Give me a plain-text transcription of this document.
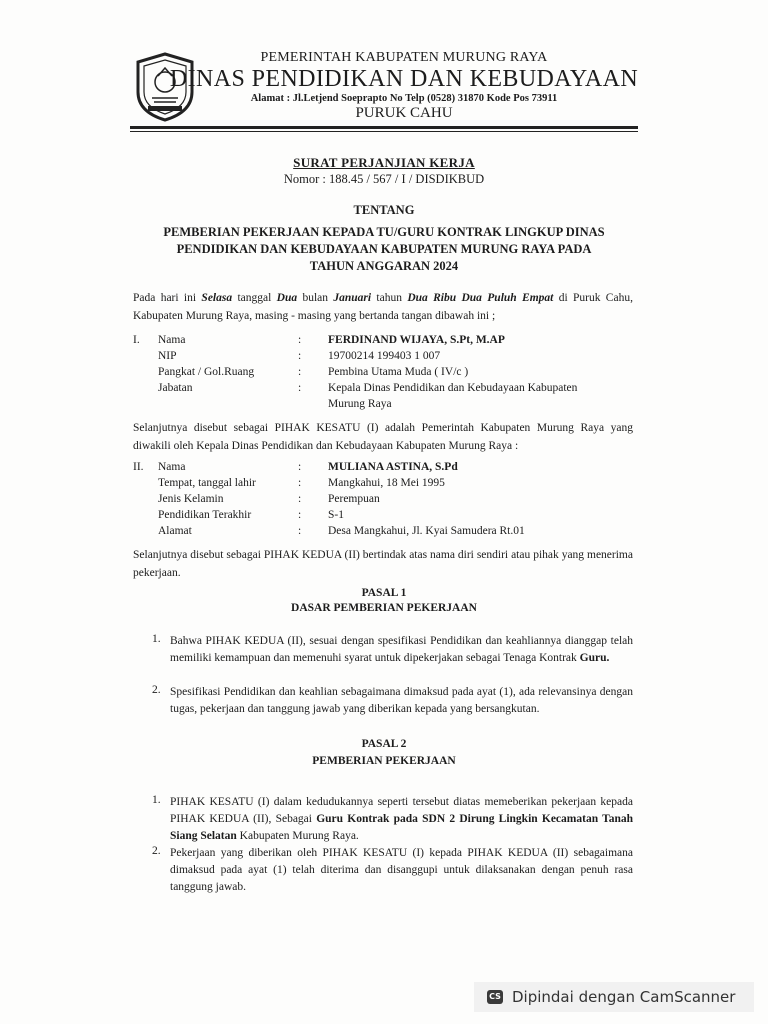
PEMERINTAH KABUPATEN MURUNG RAYA
DINAS PENDIDIKAN DAN KEBUDAYAAN
Alamat : Jl.Letjend Soeprapto No Telp (0528) 31870 Kode Pos 73911
PURUK CAHU
SURAT PERJANJIAN KERJA
Nomor : 188.45 / 567 / I / DISDIKBUD
TENTANG
PEMBERIAN PEKERJAAN KEPADA TU/GURU KONTRAK LINGKUP DINAS
PENDIDIKAN DAN KEBUDAYAAN KABUPATEN MURUNG RAYA PADA
TAHUN ANGGARAN 2024
Pada hari ini Selasa tanggal Dua bulan Januari tahun Dua Ribu Dua Puluh Empat di Puruk Cahu, Kabupaten Murung Raya, masing - masing yang bertanda tangan dibawah ini ;
I. Nama	: FERDINAND WIJAYA, S.Pt, M.AP
NIP	: 19700214 199403 1 007
Pangkat / Gol.Ruang	: Pembina Utama Muda ( IV/c )
Jabatan	: Kepala Dinas Pendidikan dan Kebudayaan Kabupaten
Murung Raya
Selanjutnya disebut sebagai PIHAK KESATU (I) adalah Pemerintah Kabupaten Murung Raya yang diwakili oleh Kepala Dinas Pendidikan dan Kebudayaan Kabupaten Murung Raya :
II. Nama	: MULIANA ASTINA, S.Pd
Tempat, tanggal lahir	: Mangkahui, 18 Mei 1995
Jenis Kelamin	: Perempuan
Pendidikan Terakhir	: S-1
Alamat	: Desa Mangkahui, Jl. Kyai Samudera Rt.01
Selanjutnya disebut sebagai PIHAK KEDUA (II) bertindak atas nama diri sendiri atau pihak yang menerima pekerjaan.
PASAL 1
DASAR PEMBERIAN PEKERJAAN
1. Bahwa PIHAK KEDUA (II), sesuai dengan spesifikasi Pendidikan dan keahliannya dianggap telah memiliki kemampuan dan memenuhi syarat untuk dipekerjakan sebagai Tenaga Kontrak Guru.
2. Spesifikasi Pendidikan dan keahlian sebagaimana dimaksud pada ayat (1), ada relevansinya dengan tugas, pekerjaan dan tanggung jawab yang diberikan kepada yang bersangkutan.
PASAL 2
PEMBERIAN PEKERJAAN
1. PIHAK KESATU (I) dalam kedudukannya seperti tersebut diatas memeberikan pekerjaan kepada PIHAK KEDUA (II), Sebagai Guru Kontrak pada SDN 2 Dirung Lingkin Kecamatan Tanah Siang Selatan Kabupaten Murung Raya.
2. Pekerjaan yang diberikan oleh PIHAK KESATU (I) kepada PIHAK KEDUA (II) sebagaimana dimaksud pada ayat (1) telah diterima dan disanggupi untuk dilaksanakan dengan penuh rasa tanggung jawab.
CS Dipindai dengan CamScanner
